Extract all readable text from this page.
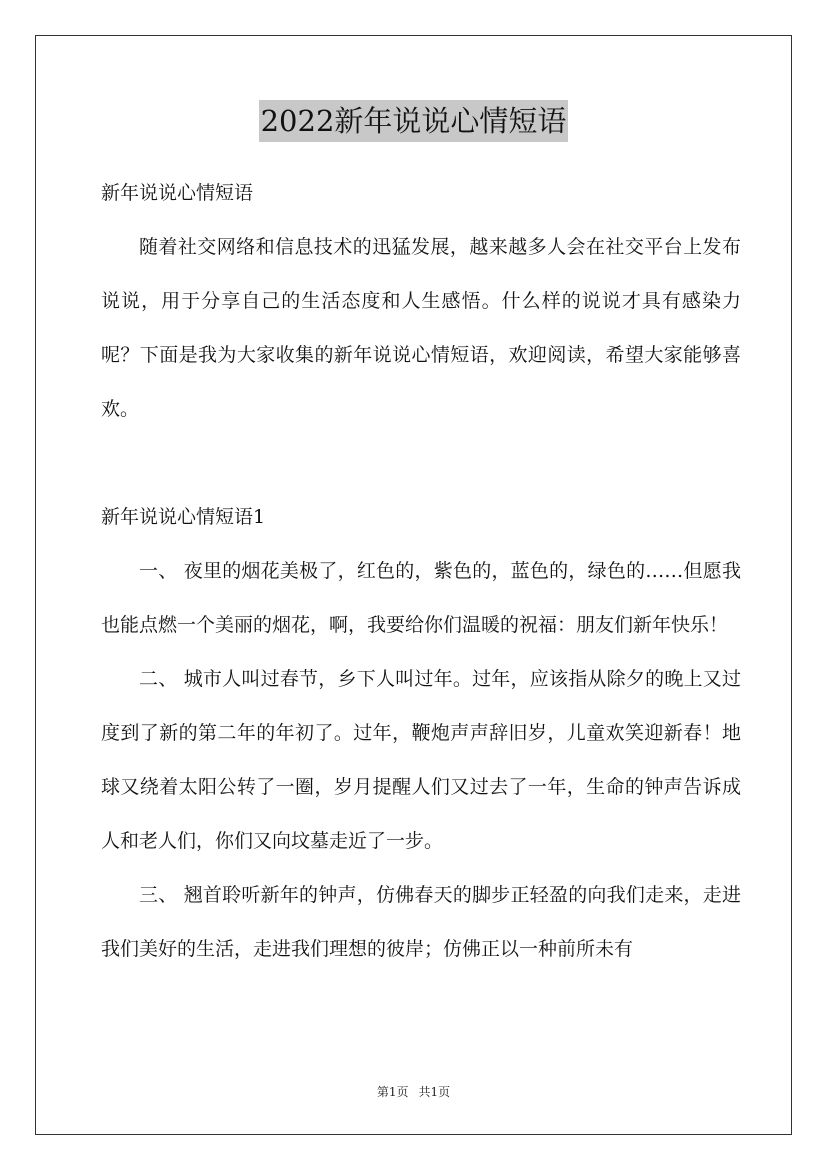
2022新年说说心情短语

新年说说心情短语

随着社交网络和信息技术的迅猛发展，越来越多人会在社交平台上发布说说，用于分享自己的生活态度和人生感悟。什么样的说说才具有感染力呢？下面是我为大家收集的新年说说心情短语，欢迎阅读，希望大家能够喜欢。

新年说说心情短语1

一、 夜里的烟花美极了，红色的，紫色的，蓝色的，绿色的……但愿我也能点燃一个美丽的烟花，啊，我要给你们温暖的祝福：朋友们新年快乐！

二、 城市人叫过春节，乡下人叫过年。过年，应该指从除夕的晚上又过度到了新的第二年的年初了。过年，鞭炮声声辞旧岁，儿童欢笑迎新春！地球又绕着太阳公转了一圈，岁月提醒人们又过去了一年，生命的钟声告诉成人和老人们，你们又向坟墓走近了一步。

三、 翘首聆听新年的钟声，仿佛春天的脚步正轻盈的向我们走来，走进我们美好的生活，走进我们理想的彼岸；仿佛正以一种前所未有

第1页 共1页
